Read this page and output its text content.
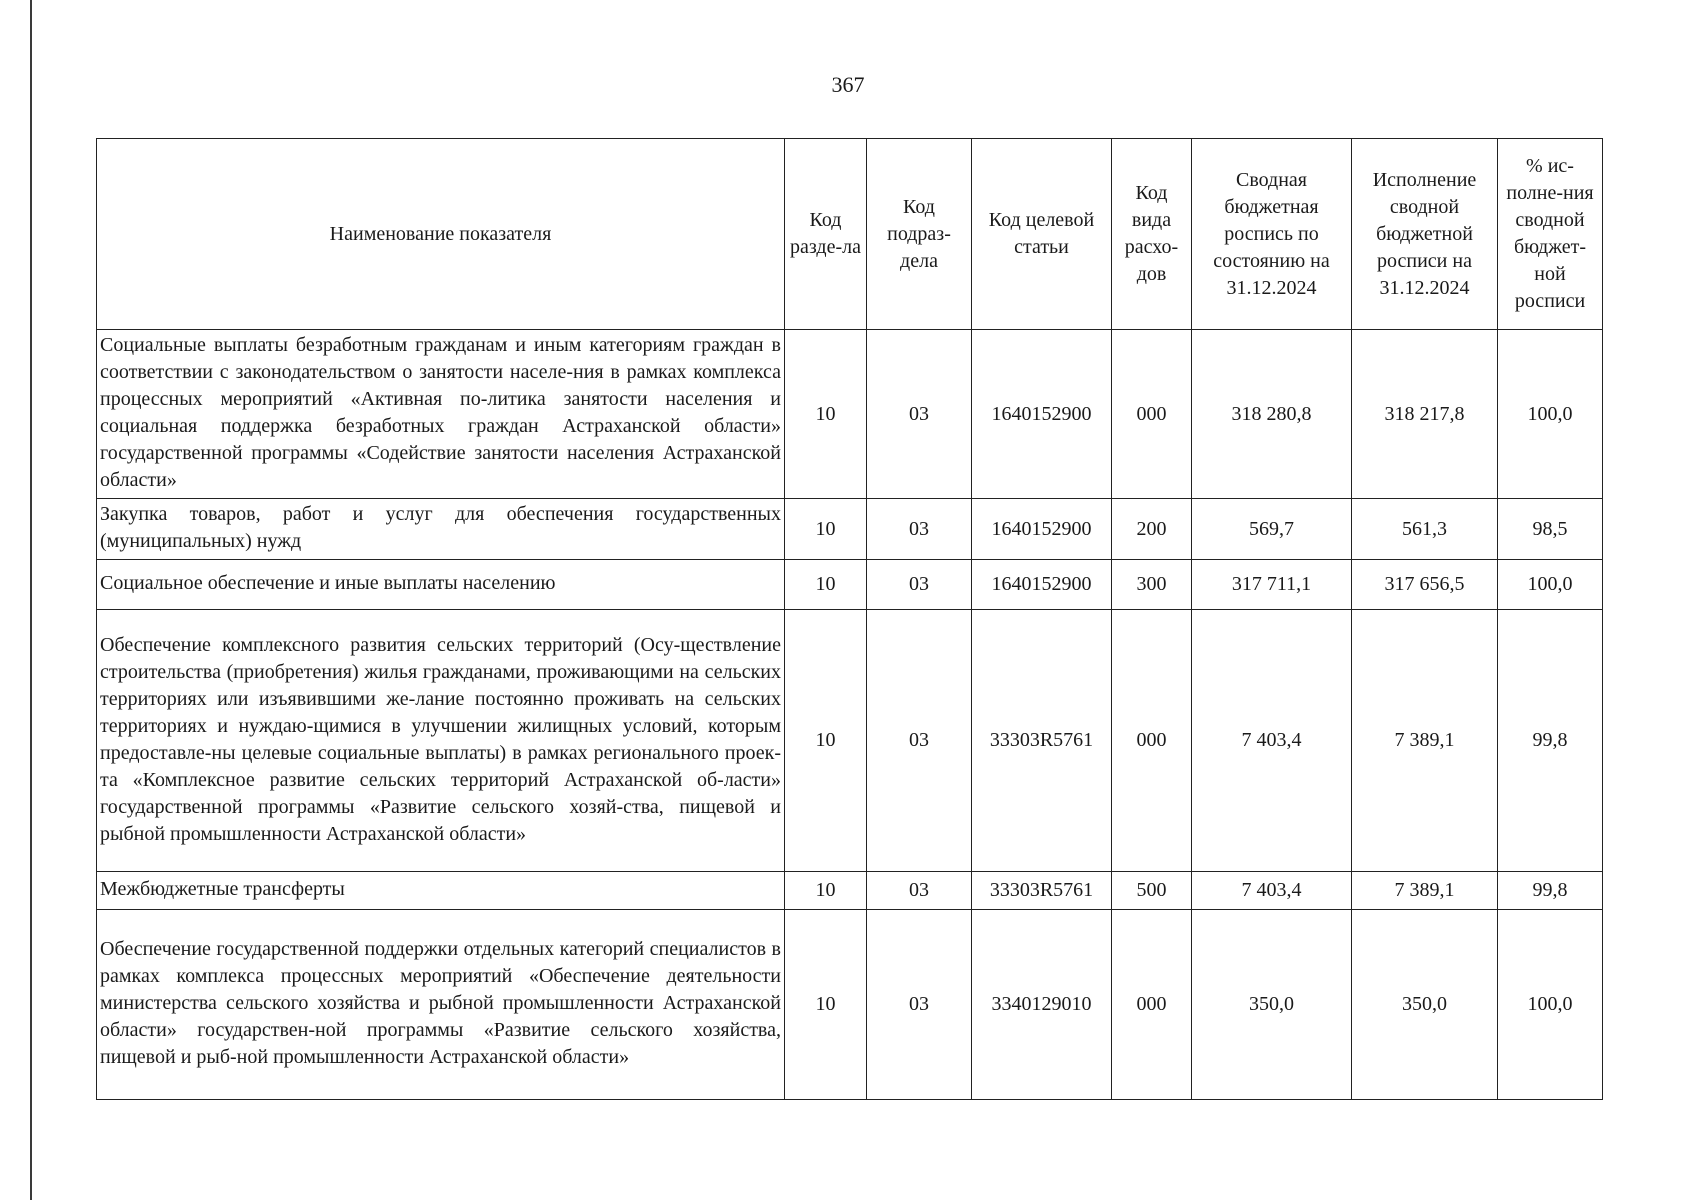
367
Наименование показателя	Код разде-ла	Код подраз-дела	Код целевой статьи	Код вида расхо-дов	Сводная бюджетная роспись по состоянию на 31.12.2024	Исполнение сводной бюджетной росписи на 31.12.2024	% ис-полне-ния сводной бюджет-ной росписи
Социальные выплаты безработным гражданам и иным категориям граждан в соответствии с законодательством о занятости населе-ния в рамках комплекса процессных мероприятий «Активная по-литика занятости населения и социальная поддержка безработных граждан Астраханской области» государственной программы «Содействие занятости населения Астраханской области»	10	03	1640152900	000	318 280,8	318 217,8	100,0
Закупка товаров, работ и услуг для обеспечения государственных (муниципальных) нужд	10	03	1640152900	200	569,7	561,3	98,5
Социальное обеспечение и иные выплаты населению	10	03	1640152900	300	317 711,1	317 656,5	100,0
Обеспечение комплексного развития сельских территорий (Осу-ществление строительства (приобретения) жилья гражданами, проживающими на сельских территориях или изъявившими же-лание постоянно проживать на сельских территориях и нуждаю-щимися в улучшении жилищных условий, которым предоставле-ны целевые социальные выплаты) в рамках регионального проек-та «Комплексное развитие сельских территорий Астраханской об-ласти» государственной программы «Развитие сельского хозяй-ства, пищевой и рыбной промышленности Астраханской области»	10	03	33303R5761	000	7 403,4	7 389,1	99,8
Межбюджетные трансферты	10	03	33303R5761	500	7 403,4	7 389,1	99,8
Обеспечение государственной поддержки отдельных категорий специалистов в рамках комплекса процессных мероприятий «Обеспечение деятельности министерства сельского хозяйства и рыбной промышленности Астраханской области» государствен-ной программы «Развитие сельского хозяйства, пищевой и рыб-ной промышленности Астраханской области»	10	03	3340129010	000	350,0	350,0	100,0
